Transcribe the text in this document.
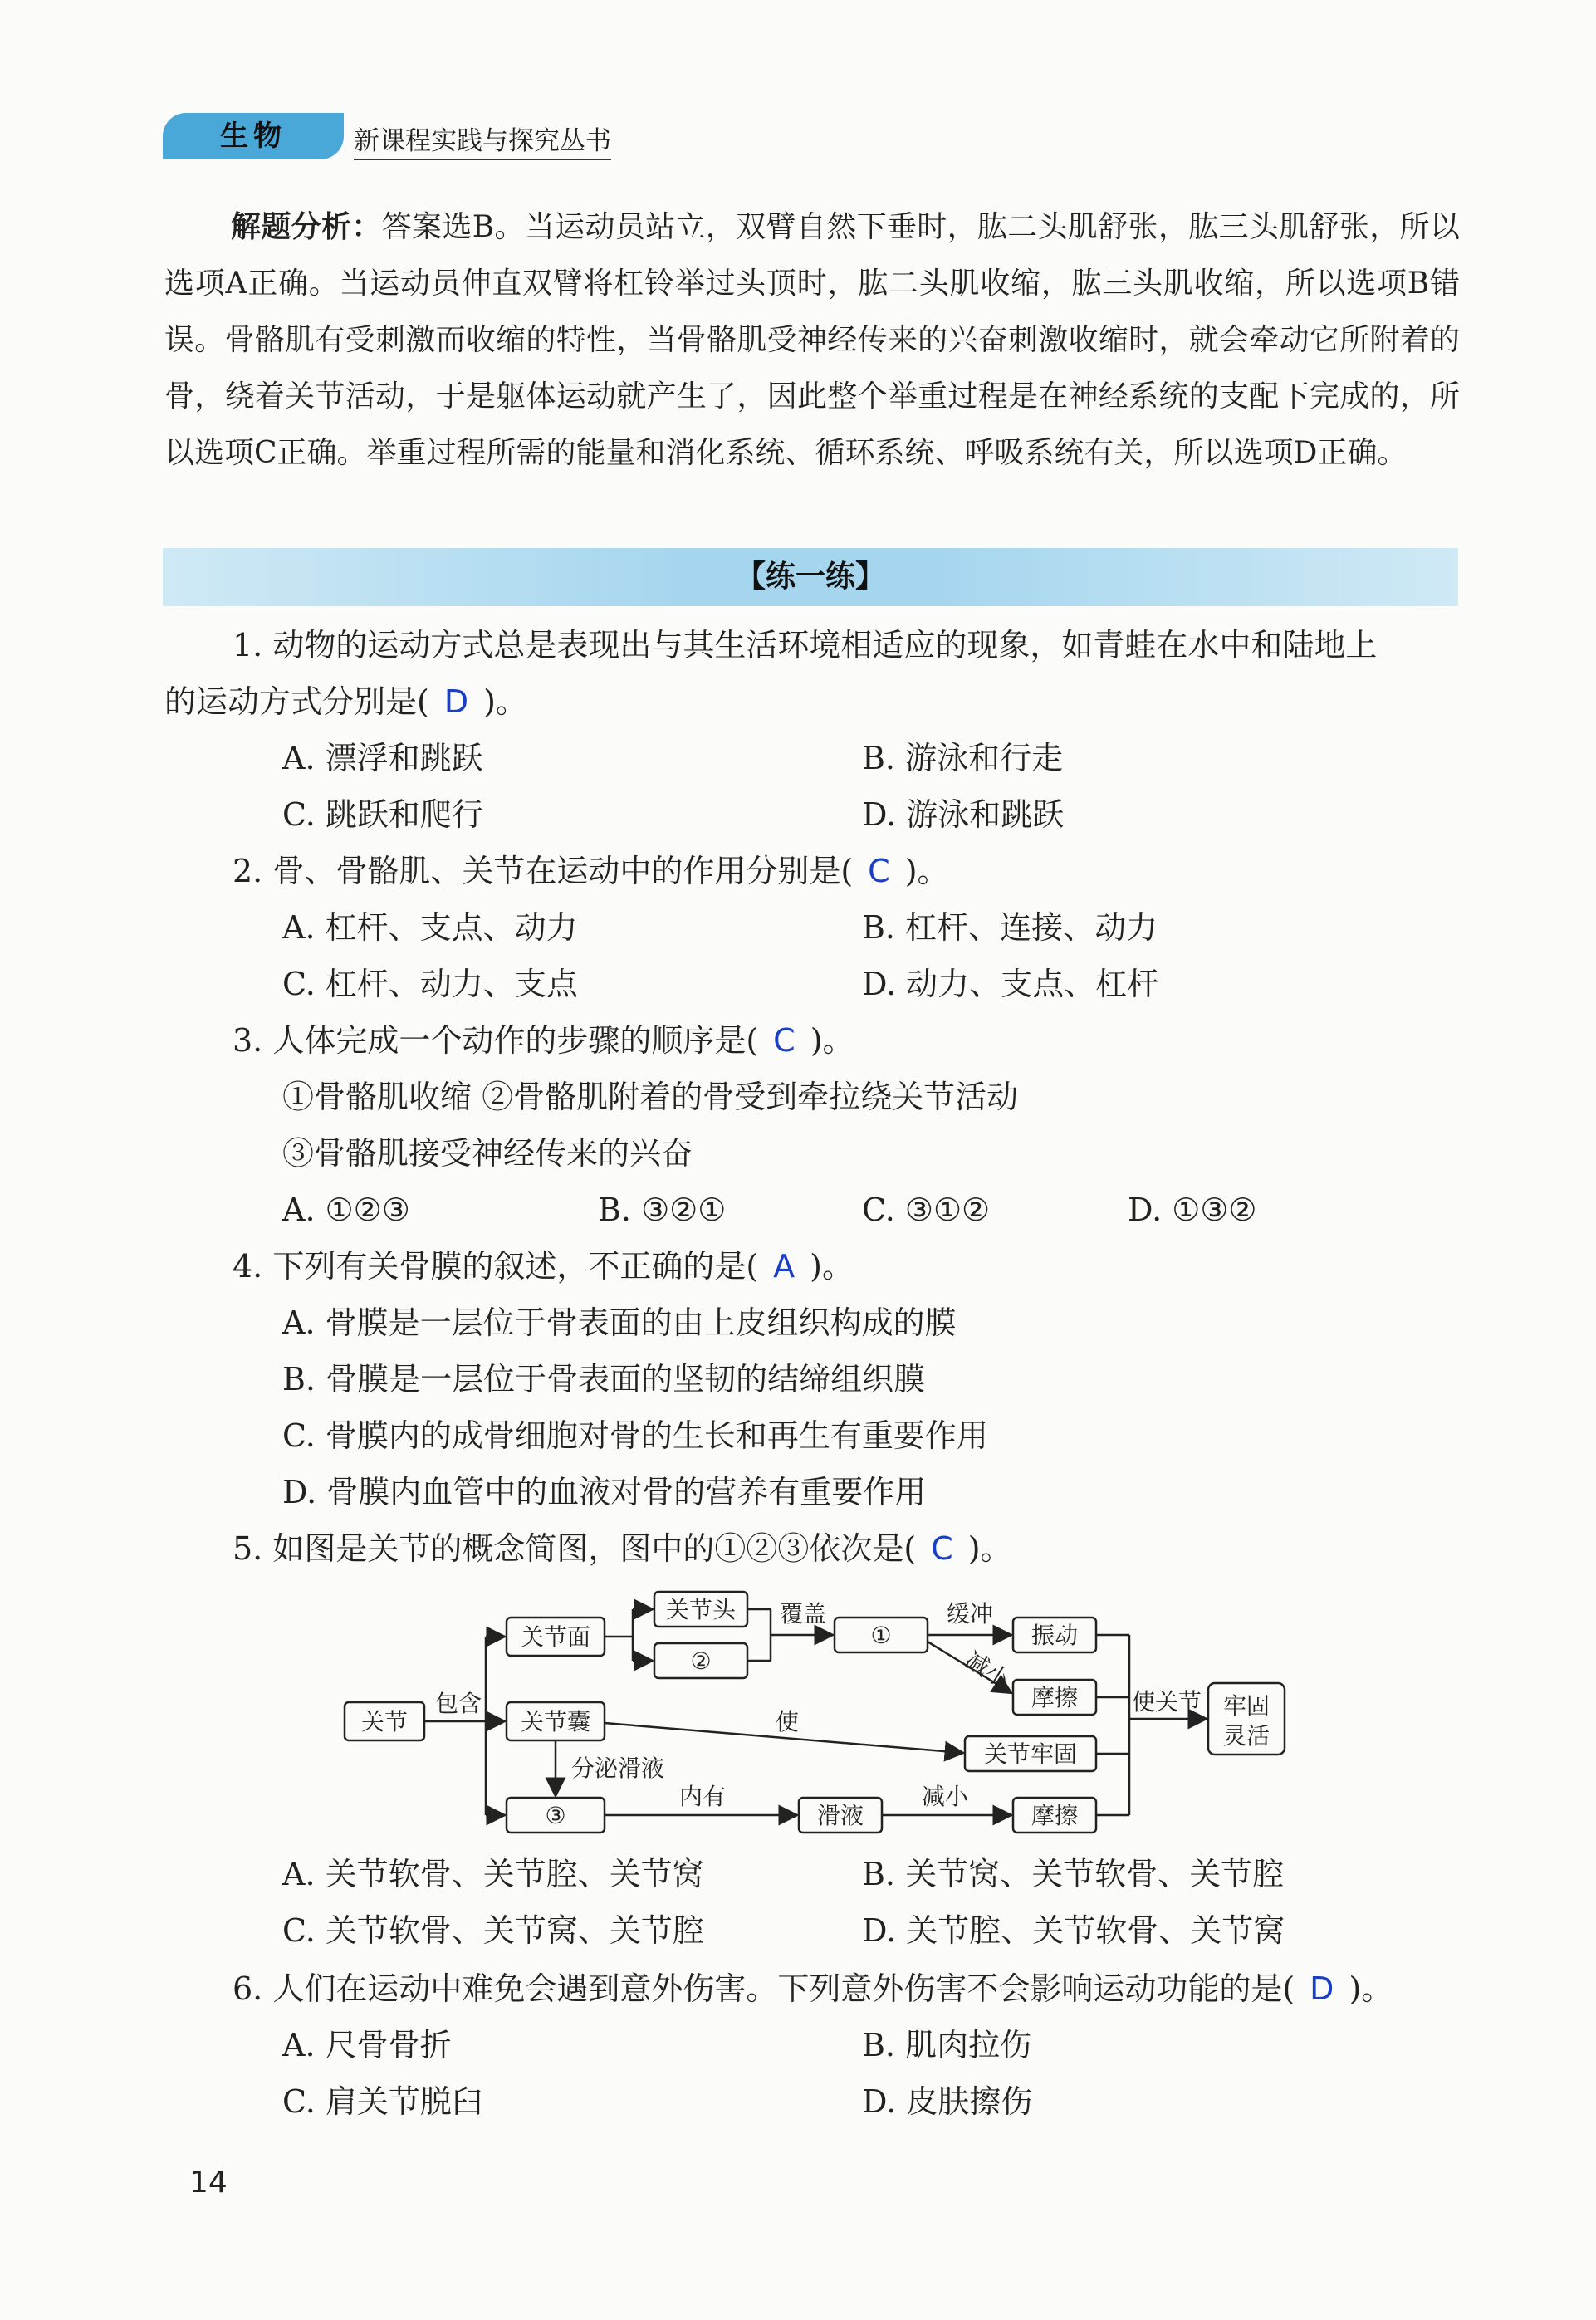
生物	新课程实践与探究丛书
解题分析：答案选B。当运动员站立，双臂自然下垂时，肱二头肌舒张，肱三头肌舒张，所以选项A正确。当运动员伸直双臂将杠铃举过头顶时，肱二头肌收缩，肱三头肌收缩，所以选项B错误。骨骼肌有受刺激而收缩的特性，当骨骼肌受神经传来的兴奋刺激收缩时，就会牵动它所附着的骨，绕着关节活动，于是躯体运动就产生了，因此整个举重过程是在神经系统的支配下完成的，所以选项C正确。举重过程所需的能量和消化系统、循环系统、呼吸系统有关，所以选项D正确。
【练一练】
1. 动物的运动方式总是表现出与其生活环境相适应的现象，如青蛙在水中和陆地上
的运动方式分别是( D )。
A. 漂浮和跳跃	B. 游泳和行走
C. 跳跃和爬行	D. 游泳和跳跃
2. 骨、骨骼肌、关节在运动中的作用分别是( C )。
A. 杠杆、支点、动力	B. 杠杆、连接、动力
C. 杠杆、动力、支点	D. 动力、支点、杠杆
3. 人体完成一个动作的步骤的顺序是( C )。
①骨骼肌收缩 ②骨骼肌附着的骨受到牵拉绕关节活动
③骨骼肌接受神经传来的兴奋
A. ①②③	B. ③②①	C. ③①②	D. ①③②
4. 下列有关骨膜的叙述，不正确的是( A )。
A. 骨膜是一层位于骨表面的由上皮组织构成的膜
B. 骨膜是一层位于骨表面的坚韧的结缔组织膜
C. 骨膜内的成骨细胞对骨的生长和再生有重要作用
D. 骨膜内血管中的血液对骨的营养有重要作用
5. 如图是关节的概念简图，图中的①②③依次是( C )。
关节
包含
关节面
关节头
②
覆盖
①
缓冲
减小
振动
摩擦 使关节 牢固
灵活
关节囊	使
关节牢固
分泌滑液
③
内有
滑液
减小
摩擦
A. 关节软骨、关节腔、关节窝	B. 关节窝、关节软骨、关节腔
C. 关节软骨、关节窝、关节腔	D. 关节腔、关节软骨、关节窝
6. 人们在运动中难免会遇到意外伤害。下列意外伤害不会影响运动功能的是( D )。
A. 尺骨骨折	B. 肌肉拉伤
C. 肩关节脱臼	D. 皮肤擦伤
14
